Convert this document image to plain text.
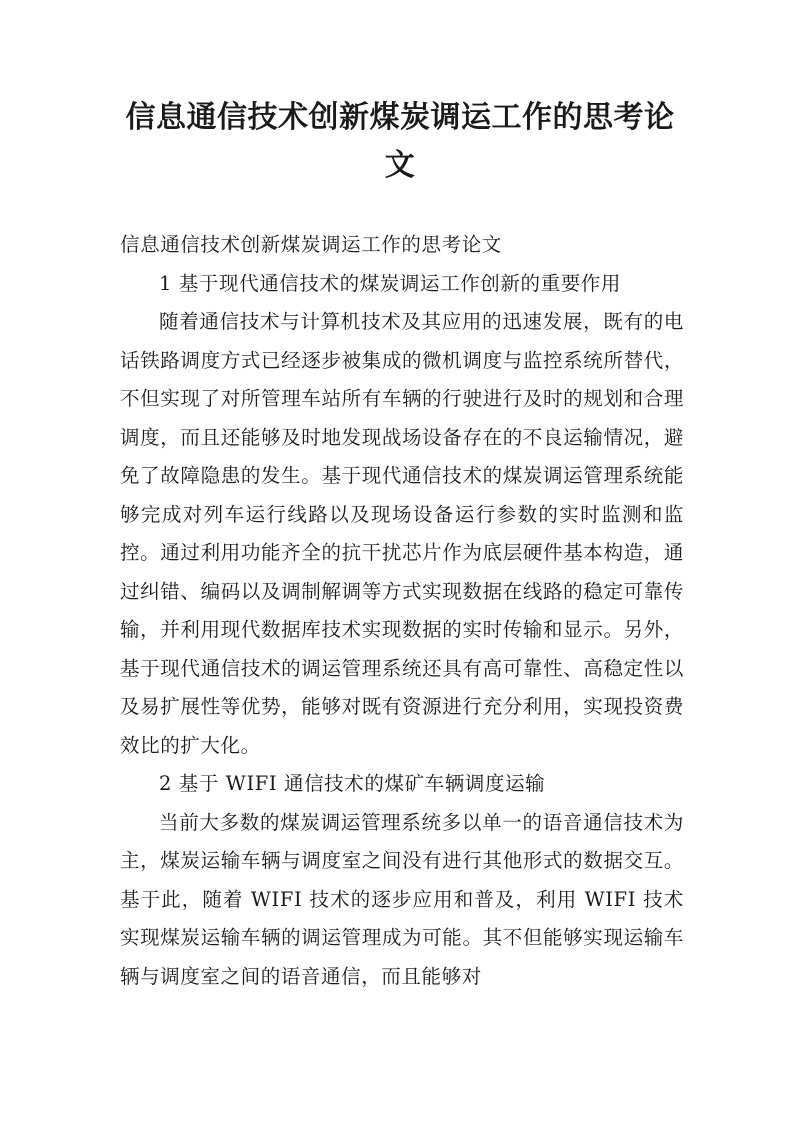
信息通信技术创新煤炭调运工作的思考论文

信息通信技术创新煤炭调运工作的思考论文

1 基于现代通信技术的煤炭调运工作创新的重要作用

随着通信技术与计算机技术及其应用的迅速发展，既有的电话铁路调度方式已经逐步被集成的微机调度与监控系统所替代，不但实现了对所管理车站所有车辆的行驶进行及时的规划和合理调度，而且还能够及时地发现战场设备存在的不良运输情况，避免了故障隐患的发生。基于现代通信技术的煤炭调运管理系统能够完成对列车运行线路以及现场设备运行参数的实时监测和监控。通过利用功能齐全的抗干扰芯片作为底层硬件基本构造，通过纠错、编码以及调制解调等方式实现数据在线路的稳定可靠传输，并利用现代数据库技术实现数据的实时传输和显示。另外，基于现代通信技术的调运管理系统还具有高可靠性、高稳定性以及易扩展性等优势，能够对既有资源进行充分利用，实现投资费效比的扩大化。

2 基于 WIFI 通信技术的煤矿车辆调度运输

当前大多数的煤炭调运管理系统多以单一的语音通信技术为主，煤炭运输车辆与调度室之间没有进行其他形式的数据交互。基于此，随着 WIFI 技术的逐步应用和普及，利用 WIFI 技术实现煤炭运输车辆的调运管理成为可能。其不但能够实现运输车辆与调度室之间的语音通信，而且能够对
